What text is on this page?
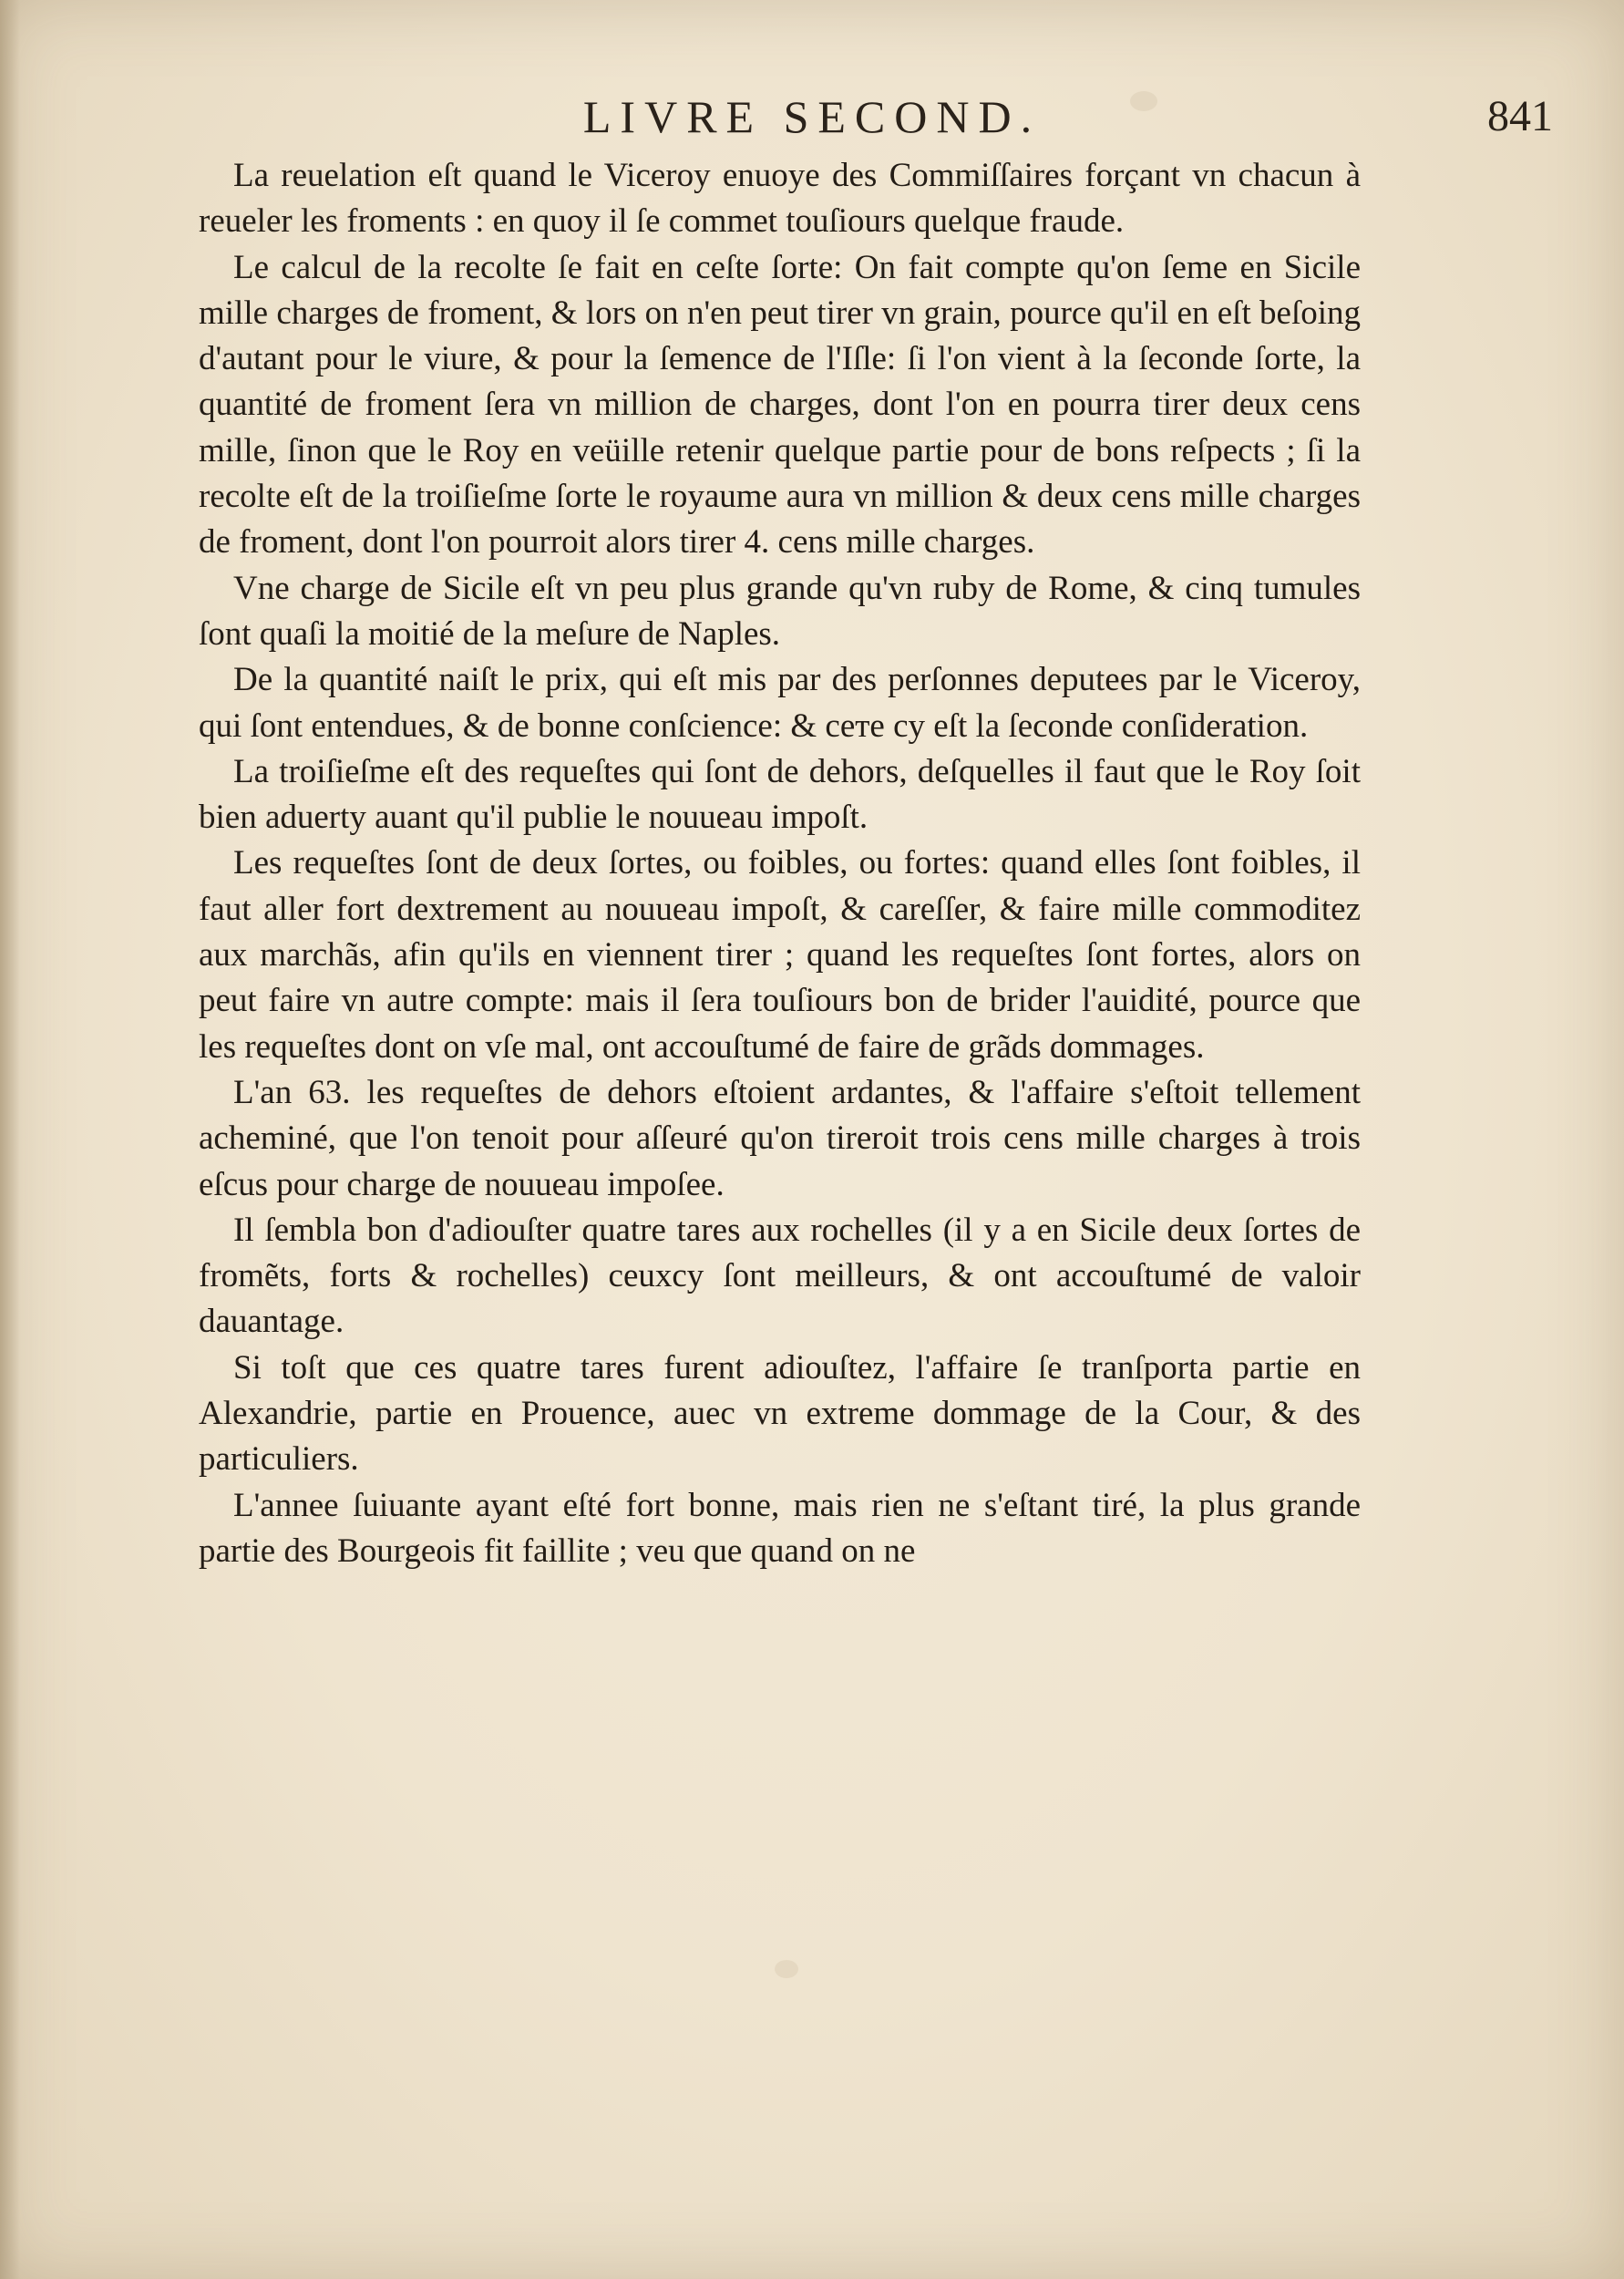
LIVRE SECOND.	841

La reuelation eſt quand le Viceroy enuoye des Commiſſaires forçant vn chacun à reueler les froments : en quoy il ſe commet touſiours quelque fraude.

Le calcul de la recolte ſe fait en ceſte ſorte: On fait compte qu'on ſeme en Sicile mille charges de froment, & lors on n'en peut tirer vn grain, pource qu'il en eſt beſoing d'autant pour le viure, & pour la ſemence de l'Iſle: ſi l'on vient à la ſeconde ſorte, la quantité de froment ſera vn million de charges, dont l'on en pourra tirer deux cens mille, ſinon que le Roy en veüille retenir quelque partie pour de bons reſpects ; ſi la recolte eſt de la troiſieſme ſorte le royaume aura vn million & deux cens mille charges de froment, dont l'on pourroit alors tirer 4. cens mille charges.

Vne charge de Sicile eſt vn peu plus grande qu'vn ruby de Rome, & cinq tumules ſont quaſi la moitié de la meſure de Naples.

De la quantité naiſt le prix, qui eſt mis par des perſonnes deputees par le Viceroy, qui ſont entendues, & de bonne conſcience: & ceте cy eſt la ſeconde conſideration.

La troiſieſme eſt des requeſtes qui ſont de dehors, deſquelles il faut que le Roy ſoit bien aduerty auant qu'il publie le nouueau impoſt.

Les requeſtes ſont de deux ſortes, ou foibles, ou fortes: quand elles ſont foibles, il faut aller fort dextrement au nouueau impoſt, & careſſer, & faire mille commoditez aux marchãs, afin qu'ils en viennent tirer ; quand les requeſtes ſont fortes, alors on peut faire vn autre compte: mais il ſera touſiours bon de brider l'auidité, pource que les requeſtes dont on vſe mal, ont accouſtumé de faire de grãds dommages.

L'an 63. les requeſtes de dehors eſtoient ardantes, & l'affaire s'eſtoit tellement acheminé, que l'on tenoit pour aſſeuré qu'on tireroit trois cens mille charges à trois eſcus pour charge de nouueau impoſee.

Il ſembla bon d'adiouſter quatre tares aux rochelles (il y a en Sicile deux ſortes de fromẽts, forts & rochelles) ceuxcy ſont meilleurs, & ont accouſtumé de valoir dauantage.

Si toſt que ces quatre tares furent adiouſtez, l'affaire ſe tranſporta partie en Alexandrie, partie en Prouence, auec vn extreme dommage de la Cour, & des particuliers.

L'annee ſuiuante ayant eſté fort bonne, mais rien ne s'eſtant tiré, la plus grande partie des Bourgeois fit faillite ; veu que quand on ne
